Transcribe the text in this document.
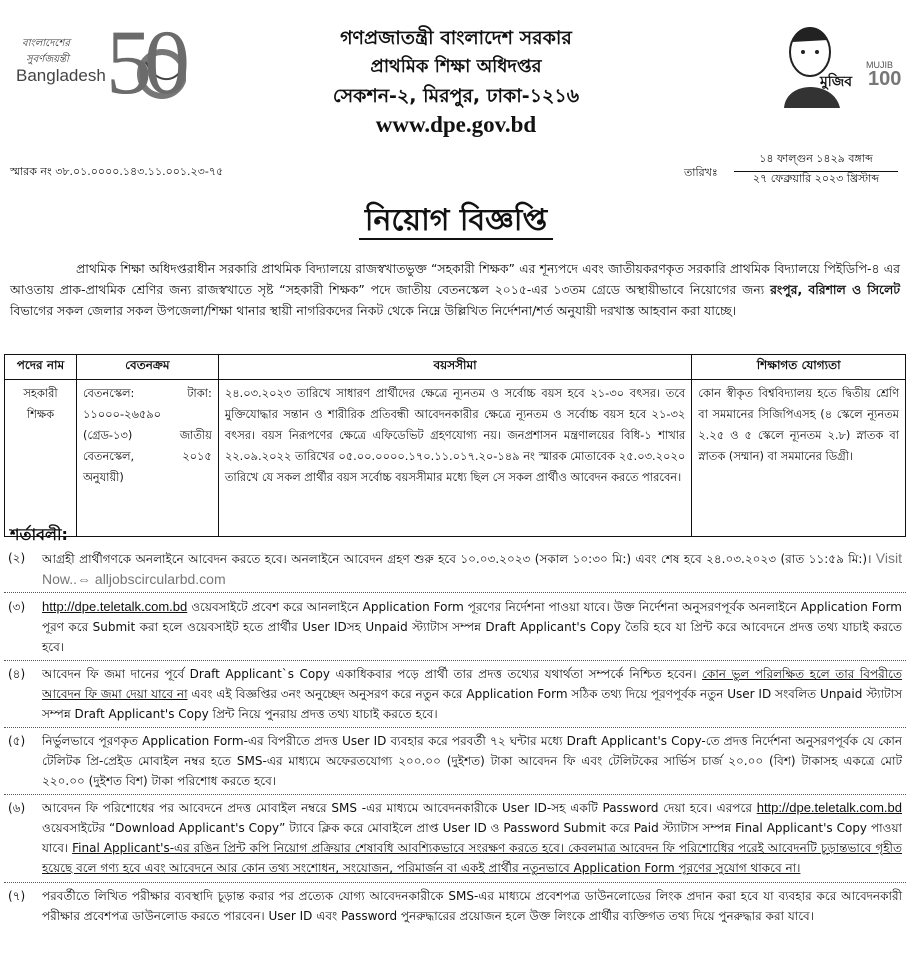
বাংলাদেশের
সুবর্ণজয়ন্তী
Bangladesh 50	মুজিব
MUJIB
100
গণপ্রজাতন্ত্রী বাংলাদেশ সরকার
প্রাথমিক শিক্ষা অধিদপ্তর
সেকশন-২, মিরপুর, ঢাকা-১২১৬
www.dpe.gov.bd
স্মারক নং ৩৮.০১.০০০০.১৪৩.১১.০০১.২৩-৭৫	তারিখঃ
১৪ ফাল্গুন ১৪২৯ বঙ্গাব্দ
২৭ ফেব্রুয়ারি ২০২৩ খ্রিস্টাব্দ
নিয়োগ বিজ্ঞপ্তি
প্রাথমিক শিক্ষা অধিদপ্তরাধীন সরকারি প্রাথমিক বিদ্যালয়ে রাজস্বখাতভুক্ত “সহকারী শিক্ষক” এর শূন্যপদে এবং জাতীয়করণকৃত সরকারি প্রাথমিক বিদ্যালয়ে পিইডিপি-৪ এর আওতায় প্রাক-প্রাথমিক শ্রেণির জন্য রাজস্বখাতে সৃষ্ট “সহকারী শিক্ষক” পদে জাতীয় বেতনস্কেল ২০১৫-এর ১৩তম গ্রেডে অস্থায়ীভাবে নিয়োগের জন্য রংপুর, বরিশাল ও সিলেট বিভাগের সকল জেলার সকল উপজেলা/শিক্ষা থানার স্থায়ী নাগরিকদের নিকট থেকে নিম্নে উল্লিখিত নির্দেশনা/শর্ত অনুযায়ী দরখাস্ত আহবান করা যাচ্ছে।
পদের নাম	বেতনক্রম	বয়সসীমা	শিক্ষাগত যোগ্যতা
সহকারী শিক্ষক	বেতনস্কেল: টাকা: ১১০০০-২৬৫৯০ (গ্রেড-১৩) জাতীয় বেতনস্কেল, ২০১৫ অনুযায়ী)	২৪.০৩.২০২৩ তারিখে সাধারণ প্রার্থীদের ক্ষেত্রে ন্যূনতম ও সর্বোচ্চ বয়স হবে ২১-৩০ বৎসর। তবে মুক্তিযোদ্ধার সন্তান ও শারীরিক প্রতিবন্ধী আবেদনকারীর ক্ষেত্রে ন্যূনতম ও সর্বোচ্চ বয়স হবে ২১-৩২ বৎসর। বয়স নিরূপণের ক্ষেত্রে এফিডেভিট গ্রহণযোগ্য নয়। জনপ্রশাসন মন্ত্রণালয়ের বিধি-১ শাখার ২২.০৯.২০২২ তারিখের ০৫.০০.০০০০.১৭০.১১.০১৭.২০-১৪৯ নং স্মারক মোতাবেক ২৫.০৩.২০২০ তারিখে যে সকল প্রার্থীর বয়স সর্বোচ্চ বয়সসীমার মধ্যে ছিল সে সকল প্রার্থীও আবেদন করতে পারবেন।	কোন স্বীকৃত বিশ্ববিদ্যালয় হতে দ্বিতীয় শ্রেণি বা সমমানের সিজিপিএসহ (৪ স্কেলে ন্যূনতম ২.২৫ ও ৫ স্কেলে ন্যূনতম ২.৮) স্নাতক বা স্নাতক (সম্মান) বা সমমানের ডিগ্রী।
শর্তাবলী:
(২)	আগ্রহী প্রার্থীগণকে অনলাইনে আবেদন করতে হবে। অনলাইনে আবেদন গ্রহণ শুরু হবে ১০.০৩.২০২৩ (সকাল ১০:৩০ মি:) এবং শেষ হবে ২৪.০৩.২০২৩ (রাত ১১:৫৯ মি:)। Visit Now..⇔ alljobscircularbd.com
(৩)	http://dpe.teletalk.com.bd ওয়েবসাইটে প্রবেশ করে আনলাইনে Application Form পূরণের নির্দেশনা পাওয়া যাবে। উক্ত নির্দেশনা অনুসরণপূর্বক অনলাইনে Application Form পূরণ করে Submit করা হলে ওয়েবসাইট হতে প্রার্থীর User IDসহ Unpaid স্ট্যাটাস সম্পন্ন Draft Applicant's Copy তৈরি হবে যা প্রিন্ট করে আবেদনে প্রদত্ত তথ্য যাচাই করতে হবে।
(৪)	আবেদন ফি জমা দানের পূর্বে Draft Applicant`s Copy একাধিকবার পড়ে প্রার্থী তার প্রদত্ত তথ্যের যথার্থতা সম্পর্কে নিশ্চিত হবেন। কোন ভুল পরিলক্ষিত হলে তার বিপরীতে আবেদন ফি জমা দেয়া যাবে না এবং এই বিজ্ঞপ্তির ৩নং অনুচ্ছেদ অনুসরণ করে নতুন করে Application Form সঠিক তথ্য দিয়ে পূরণপূর্বক নতুন User ID সংবলিত Unpaid স্ট্যাটাস সম্পন্ন Draft Applicant's Copy প্রিন্ট নিয়ে পুনরায় প্রদত্ত তথ্য যাচাই করতে হবে।
(৫)	নির্ভুলভাবে পূরণকৃত Application Form-এর বিপরীতে প্রদত্ত User ID ব্যবহার করে পরবর্তী ৭২ ঘন্টার মধ্যে Draft Applicant's Copy-তে প্রদত্ত নির্দেশনা অনুসরণপূর্বক যে কোন টেলিটক প্রি-প্রেইড মোবাইল নম্বর হতে SMS-এর মাধ্যমে অফেরতযোগ্য ২০০.০০ (দুইশত) টাকা আবেদন ফি এবং টেলিটকের সার্ভিস চার্জ ২০.০০ (বিশ) টাকাসহ একত্রে মোট ২২০.০০ (দুইশত বিশ) টাকা পরিশোধ করতে হবে।
(৬)	আবেদন ফি পরিশোধের পর আবেদনে প্রদত্ত মোবাইল নম্বরে SMS -এর মাধ্যমে আবেদনকারীকে User ID-সহ একটি Password দেয়া হবে। এরপরে http://dpe.teletalk.com.bd ওয়েবসাইটের “Download Applicant's Copy” ট্যাবে ক্লিক করে মোবাইলে প্রাপ্ত User ID ও Password Submit করে Paid স্ট্যাটাস সম্পন্ন Final Applicant's Copy পাওয়া যাবে। Final Applicant's-এর রঙিন প্রিন্ট কপি নিয়োগ প্রক্রিয়ার শেষাবধি আবশ্যিকভাবে সংরক্ষণ করতে হবে। কেবলমাত্র আবেদন ফি পরিশোধিের পরেই আবেদনটি চূড়ান্তভাবে গৃহীত হয়েছে বলে গণ্য হবে এবং আবেদনে আর কোন তথ্য সংশোধন, সংযোজন, পরিমার্জন বা একই প্রার্থীর নতুনভাবে Application Form পূরণের সুযোগ থাকবে না।
(৭)	পরবর্তীতে লিখিত পরীক্ষার ব্যবস্থাদি চূড়ান্ত করার পর প্রত্যেক যোগ্য আবেদনকারীকে SMS-এর মাধ্যমে প্রবেশপত্র ডাউনলোডের লিংক প্রদান করা হবে যা ব্যবহার করে আবেদনকারী পরীক্ষার প্রবেশপত্র ডাউনলোড করতে পারবেন। User ID এবং Password পুনরুদ্ধারের প্রয়োজন হলে উক্ত লিংকে প্রার্থীর ব্যক্তিগত তথ্য দিয়ে পুনরুদ্ধার করা যাবে।
